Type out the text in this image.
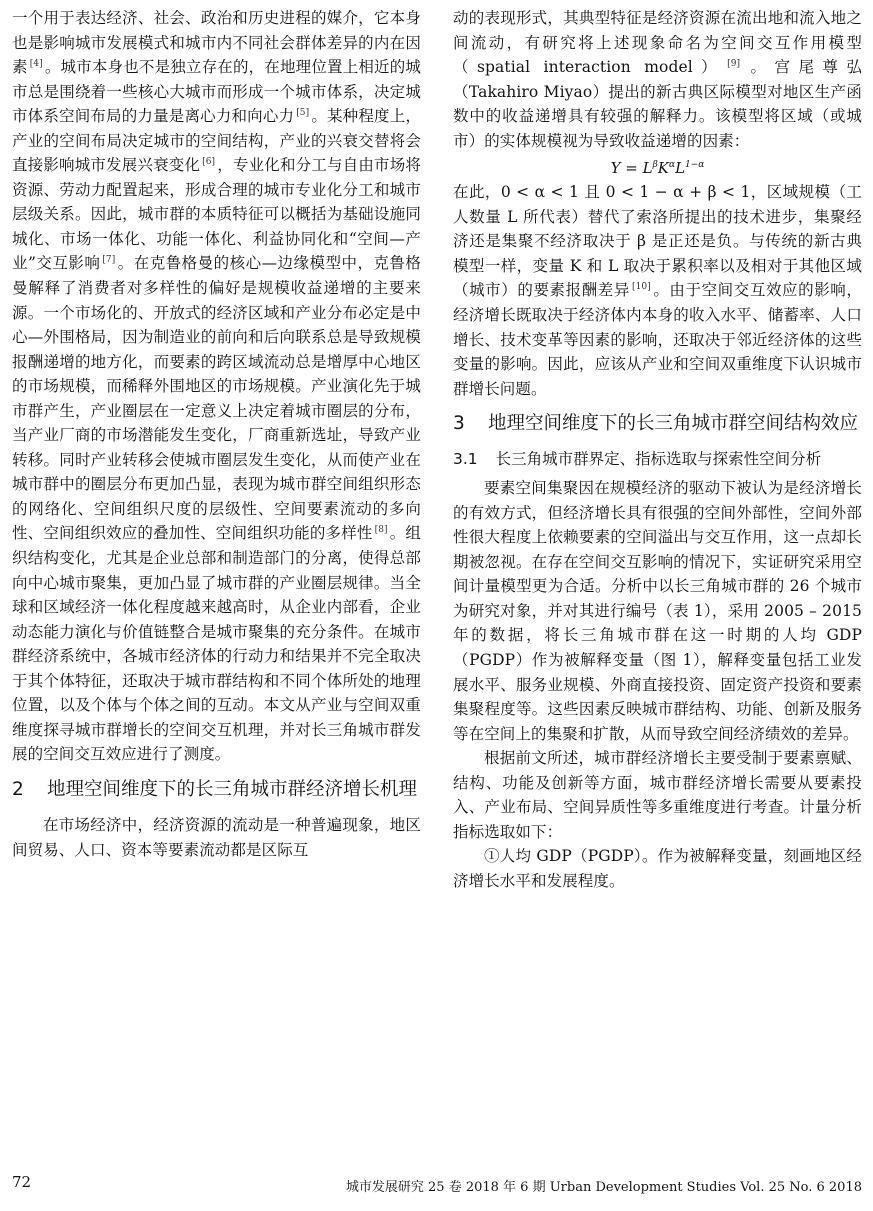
一个用于表达经济、社会、政治和历史进程的媒介，它本身也是影响城市发展模式和城市内不同社会群体差异的内在因素 [4] 。城市本身也不是独立存在的，在地理位置上相近的城市总是围绕着一些核心大城市而形成一个城市体系，决定城市体系空间布局的力量是离心力和向心力 [5] 。某种程度上，产业的空间布局决定城市的空间结构，产业的兴衰交替将会直接影响城市发展兴衰变化 [6] ，专业化和分工与自由市场将资源、劳动力配置起来，形成合理的城市专业化分工和城市层级关系。因此，城市群的本质特征可以概括为基础设施同城化、市场一体化、功能一体化、利益协同化和“空间—产业”交互影响 [7] 。在克鲁格曼的核心—边缘模型中，克鲁格曼解释了消费者对多样性的偏好是规模收益递增的主要来源。一个市场化的、开放式的经济区域和产业分布必定是中心—外围格局，因为制造业的前向和后向联系总是导致规模报酬递增的地方化，而要素的跨区域流动总是增厚中心地区的市场规模，而稀释外围地区的市场规模。产业演化先于城市群产生，产业圈层在一定意义上决定着城市圈层的分布，当产业厂商的市场潜能发生变化，厂商重新选址，导致产业转移。同时产业转移会使城市圈层发生变化，从而使产业在城市群中的圈层分布更加凸显，表现为城市群空间组织形态的网络化、空间组织尺度的层级性、空间要素流动的多向性、空间组织效应的叠加性、空间组织功能的多样性 [8] 。组织结构变化，尤其是企业总部和制造部门的分离，使得总部向中心城市聚集，更加凸显了城市群的产业圈层规律。当全球和区域经济一体化程度越来越高时，从企业内部看，企业动态能力演化与价值链整合是城市聚集的充分条件。在城市群经济系统中，各城市经济体的行动力和结果并不完全取决于其个体特征，还取决于城市群结构和不同个体所处的地理位置，以及个体与个体之间的互动。本文从产业与空间双重维度探寻城市群增长的空间交互机理，并对长三角城市群发展的空间交互效应进行了测度。

2	地理空间维度下的长三角城市群经济增长机理

在市场经济中，经济资源的流动是一种普遍现象，地区间贸易、人口、资本等要素流动都是区际互

动的表现形式，其典型特征是经济资源在流出地和流入地之间流动，有研究将上述现象命名为空间交互作用模型（spatial interaction model） [9] 。宫尾尊弘（Takahiro Miyao）提出的新古典区际模型对地区生产函数中的收益递增具有较强的解释力。该模型将区域（或城市）的实体规模视为导致收益递增的因素：

$Y = L^\beta K^\alpha L^{1-\alpha}$

在此，0 < α < 1 且 0 < 1 − α + β < 1，区域规模（工人数量 L 所代表）替代了索洛所提出的技术进步，集聚经济还是集聚不经济取决于 β 是正还是负。与传统的新古典模型一样，变量 K 和 L 取决于累积率以及相对于其他区域（城市）的要素报酬差异 [10] 。由于空间交互效应的影响，经济增长既取决于经济体内本身的收入水平、储蓄率、人口增长、技术变革等因素的影响，还取决于邻近经济体的这些变量的影响。因此，应该从产业和空间双重维度下认识城市群增长问题。

3	地理空间维度下的长三角城市群空间结构效应
3.1 长三角城市群界定、指标选取与探索性空间分析

要素空间集聚因在规模经济的驱动下被认为是经济增长的有效方式，但经济增长具有很强的空间外部性，空间外部性很大程度上依赖要素的空间溢出与交互作用，这一点却长期被忽视。在存在空间交互影响的情况下，实证研究采用空间计量模型更为合适。分析中以长三角城市群的 26 个城市为研究对象，并对其进行编号（表 1），采用 2005 – 2015 年的数据，将长三角城市群在这一时期的人均 GDP（PGDP）作为被解释变量（图 1），解释变量包括工业发展水平、服务业规模、外商直接投资、固定资产投资和要素集聚程度等。这些因素反映城市群结构、功能、创新及服务等在空间上的集聚和扩散，从而导致空间经济绩效的差异。

根据前文所述，城市群经济增长主要受制于要素禀赋、结构、功能及创新等方面，城市群经济增长需要从要素投入、产业布局、空间异质性等多重维度进行考查。计量分析指标选取如下：

①人均 GDP（PGDP）。作为被解释变量，刻画地区经济增长水平和发展程度。

72	城市发展研究 25 卷 2018 年 6 期 Urban Development Studies Vol. 25 No. 6 2018
